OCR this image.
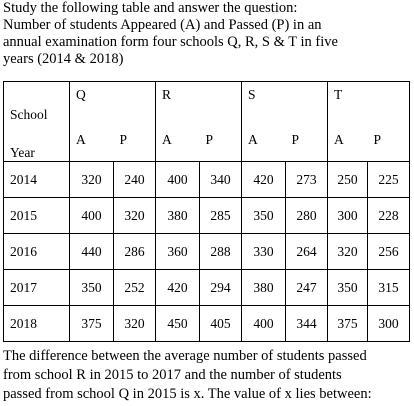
Study the following table and answer the question:
Number of students Appeared (A) and Passed (P) in an
annual examination form four schools Q, R, S & T in five
years (2014 & 2018)
School
Year	Q		R		S		T	
	A	P	A	P	A	P	A	P
2014	320	240	400	340	420	273	250	225
2015	400	320	380	285	350	280	300	228
2016	440	286	360	288	330	264	320	256
2017	350	252	420	294	380	247	350	315
2018	375	320	450	405	400	344	375	300
The difference between the average number of students passed
from school R in 2015 to 2017 and the number of students
passed from school Q in 2015 is x. The value of x lies between:
